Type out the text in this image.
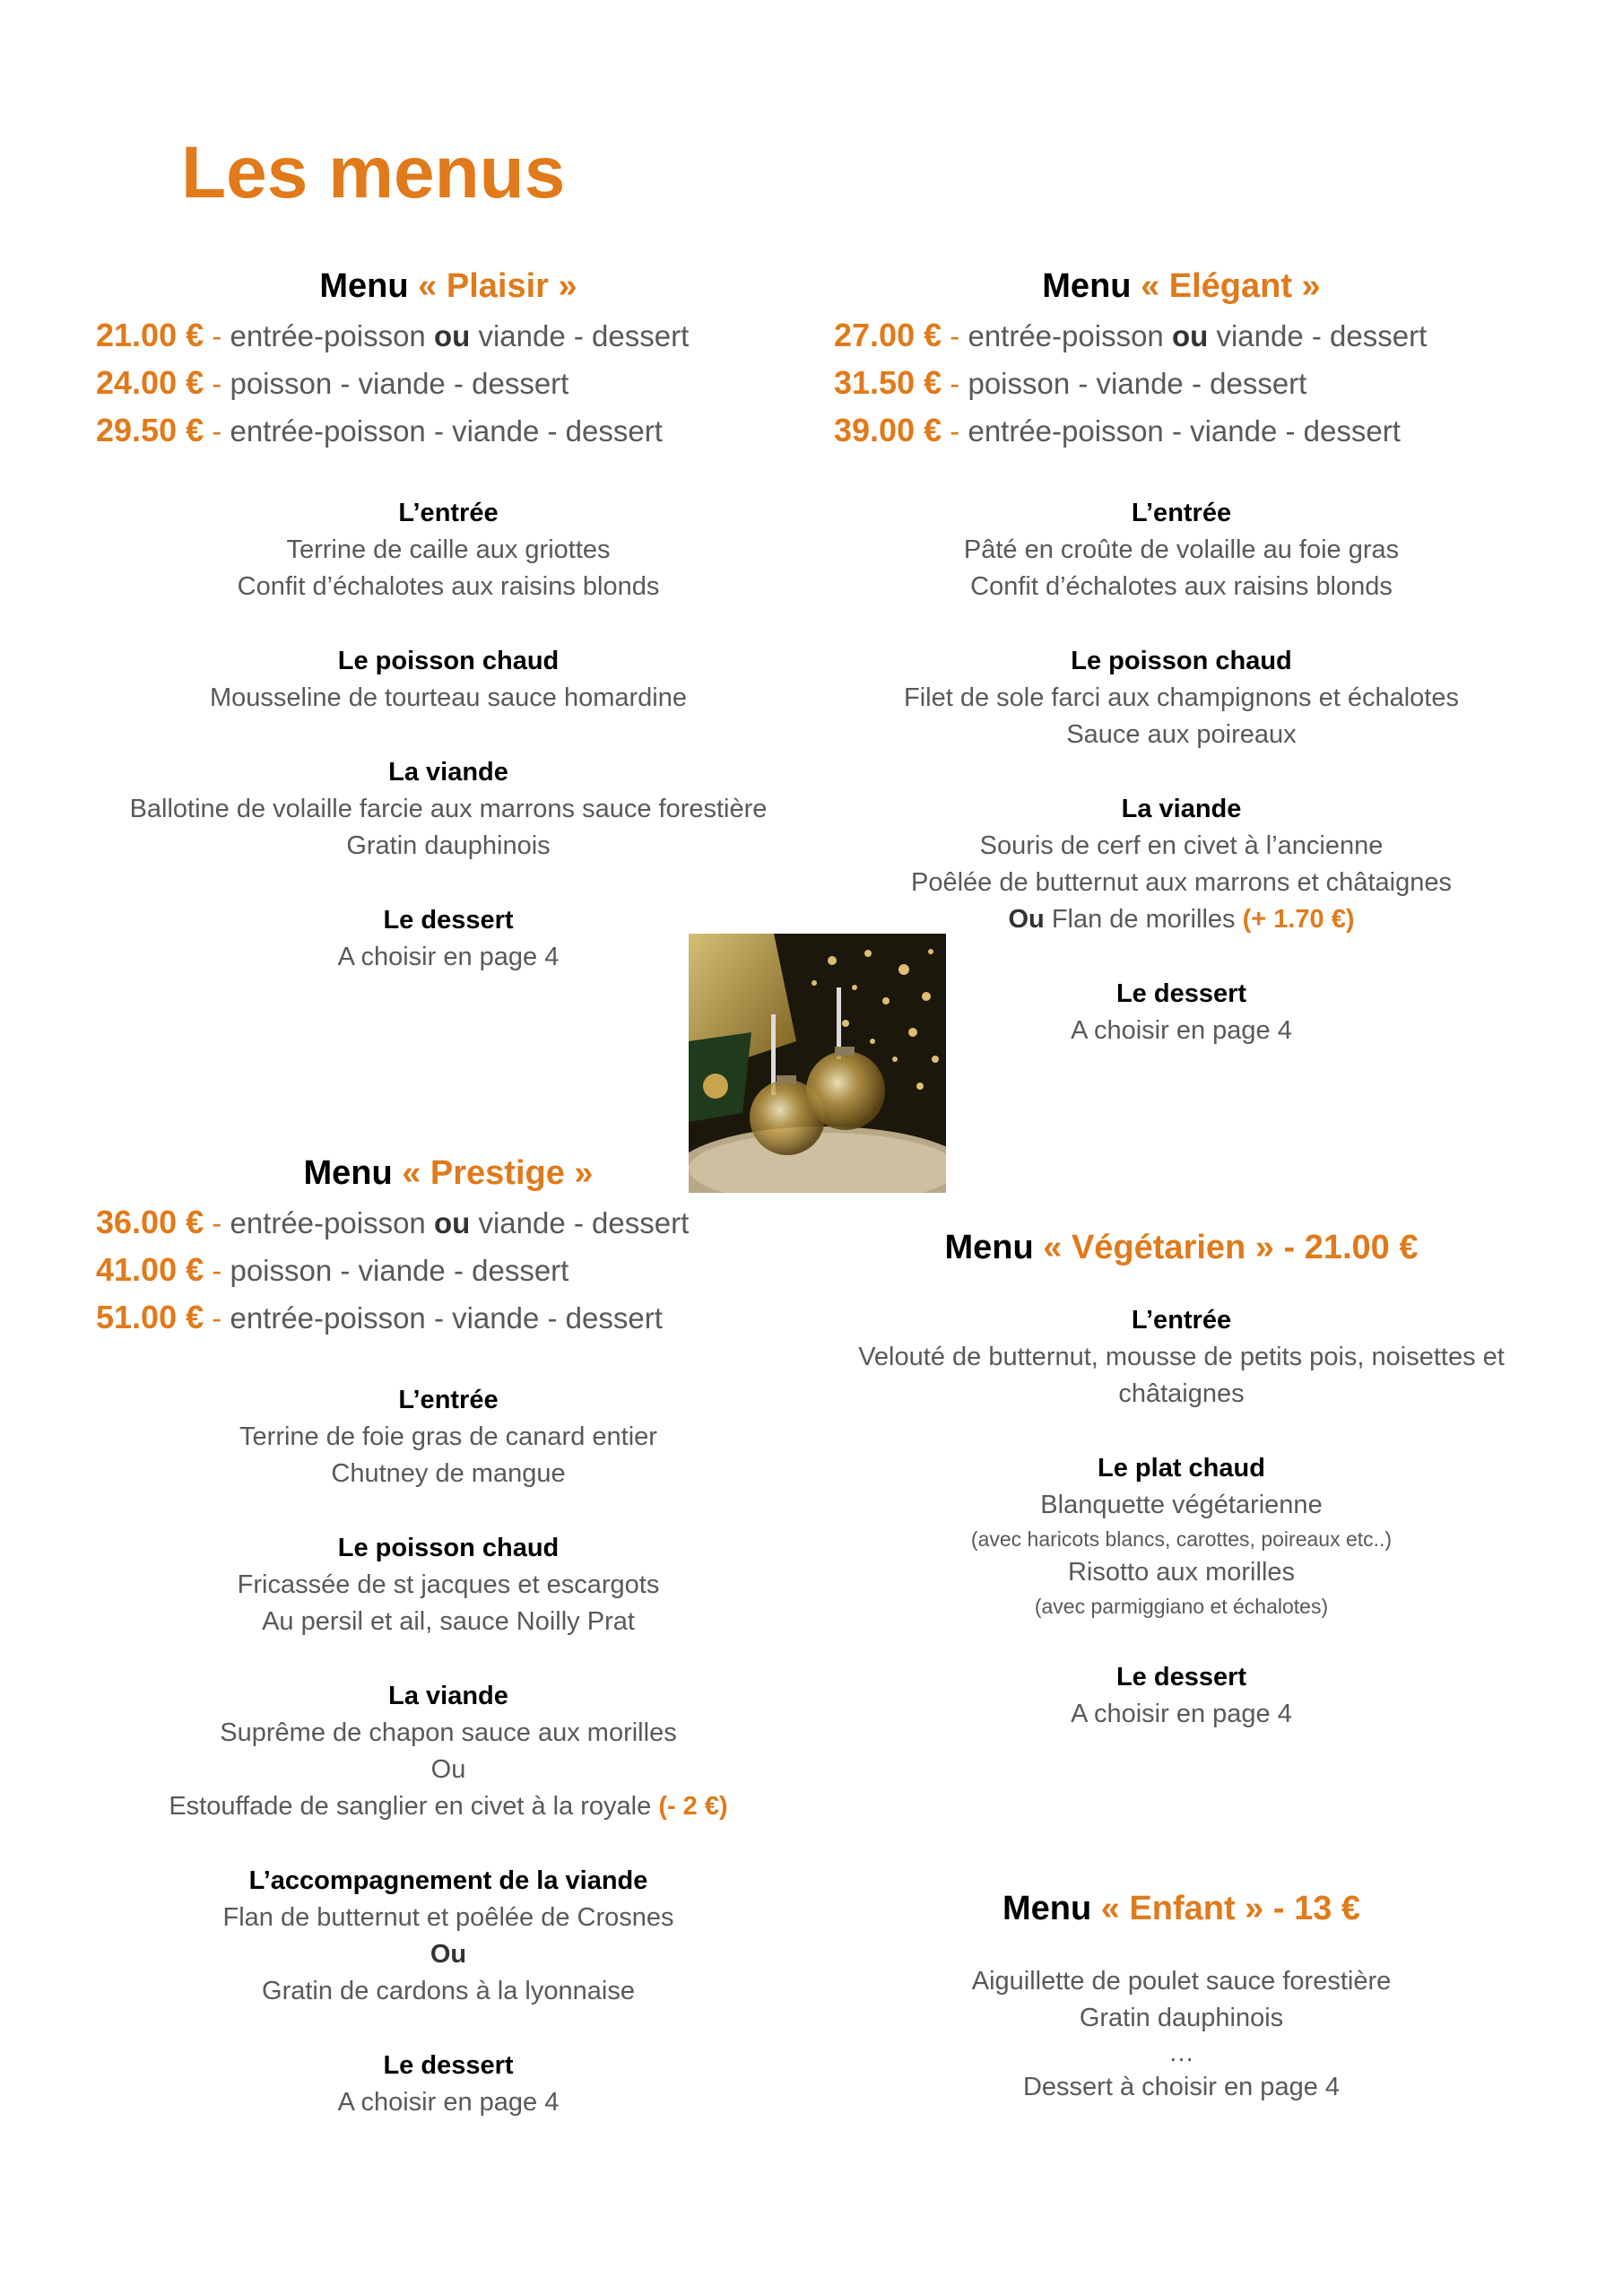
Les menus
Menu « Plaisir »
21.00 € - entrée-poisson ou viande - dessert
24.00 € - poisson - viande - dessert
29.50 € - entrée-poisson - viande - dessert
L’entrée
Terrine de caille aux griottes
Confit d’échalotes aux raisins blonds
Le poisson chaud
Mousseline de tourteau sauce homardine
La viande
Ballotine de volaille farcie aux marrons sauce forestière
Gratin dauphinois
Le dessert
A choisir en page 4
Menu « Elégant »
27.00 € - entrée-poisson ou viande - dessert
31.50 € - poisson - viande - dessert
39.00 € - entrée-poisson - viande - dessert
L’entrée
Pâté en croûte de volaille au foie gras
Confit d’échalotes aux raisins blonds
Le poisson chaud
Filet de sole farci aux champignons et échalotes
Sauce aux poireaux
La viande
Souris de cerf en civet à l’ancienne
Poêlée de butternut aux marrons et châtaignes
Ou Flan de morilles (+ 1.70 €)
Le dessert
A choisir en page 4
Menu « Prestige »
36.00 € - entrée-poisson ou viande - dessert
41.00 € - poisson - viande - dessert
51.00 € - entrée-poisson - viande - dessert
L’entrée
Terrine de foie gras de canard entier
Chutney de mangue
Le poisson chaud
Fricassée de st jacques et escargots
Au persil et ail, sauce Noilly Prat
La viande
Suprême de chapon sauce aux morilles
Ou
Estouffade de sanglier en civet à la royale (- 2 €)
L’accompagnement de la viande
Flan de butternut et poêlée de Crosnes
Ou
Gratin de cardons à la lyonnaise
Le dessert
A choisir en page 4
Menu « Végétarien » - 21.00 €
L’entrée
Velouté de butternut, mousse de petits pois, noisettes et
châtaignes
Le plat chaud
Blanquette végétarienne
(avec haricots blancs, carottes, poireaux etc..)
Risotto aux morilles
(avec parmiggiano et échalotes)
Le dessert
A choisir en page 4
Menu « Enfant » - 13 €
Aiguillette de poulet sauce forestière
Gratin dauphinois
…
Dessert à choisir en page 4
